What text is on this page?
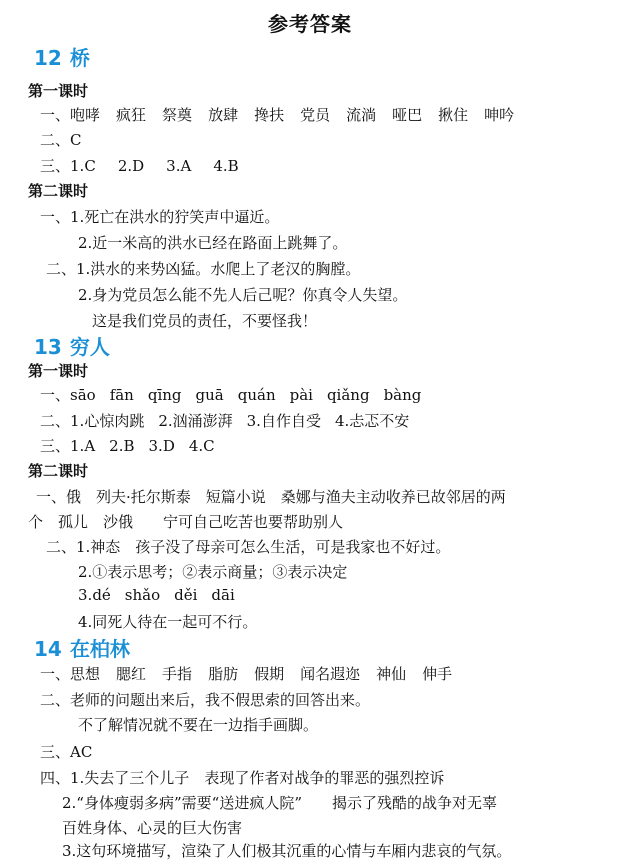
参考答案
12 桥
第一课时
一、咆哮 疯狂 祭奠 放肆 搀扶 党员 流淌 哑巴 揪住 呻吟
二、C
三、1.C 2.D 3.A 4.B
第二课时
一、1.死亡在洪水的狞笑声中逼近。
2.近一米高的洪水已经在路面上跳舞了。
二、1.洪水的来势凶猛。水爬上了老汉的胸膛。
2.身为党员怎么能不先人后己呢？你真令人失望。
这是我们党员的责任，不要怪我！
13 穷人
第一课时
一、sāo fān qīng guā quán pài qiǎng bàng
二、1.心惊肉跳 2.汹涌澎湃 3.自作自受 4.忐忑不安
三、1.A 2.B 3.D 4.C
第二课时
一、俄　列夫·托尔斯泰　短篇小说　桑娜与渔夫主动收养已故邻居的两
个　孤儿　沙俄　　宁可自己吃苦也要帮助别人
二、1.神态　孩子没了母亲可怎么生活，可是我家也不好过。
2.①表示思考；②表示商量；③表示决定
3.dé shǎo děi dāi
4.同死人待在一起可不行。
14 在柏林
一、思想 腮红 手指 脂肪 假期 闻名遐迩 神仙 伸手
二、老师的问题出来后，我不假思索的回答出来。
不了解情况就不要在一边指手画脚。
三、AC
四、1.失去了三个儿子　表现了作者对战争的罪恶的强烈控诉
2.“身体瘦弱多病”需要“送进疯人院”　　揭示了残酷的战争对无辜
百姓身体、心灵的巨大伤害
3.这句环境描写，渲染了人们极其沉重的心情与车厢内悲哀的气氛。
